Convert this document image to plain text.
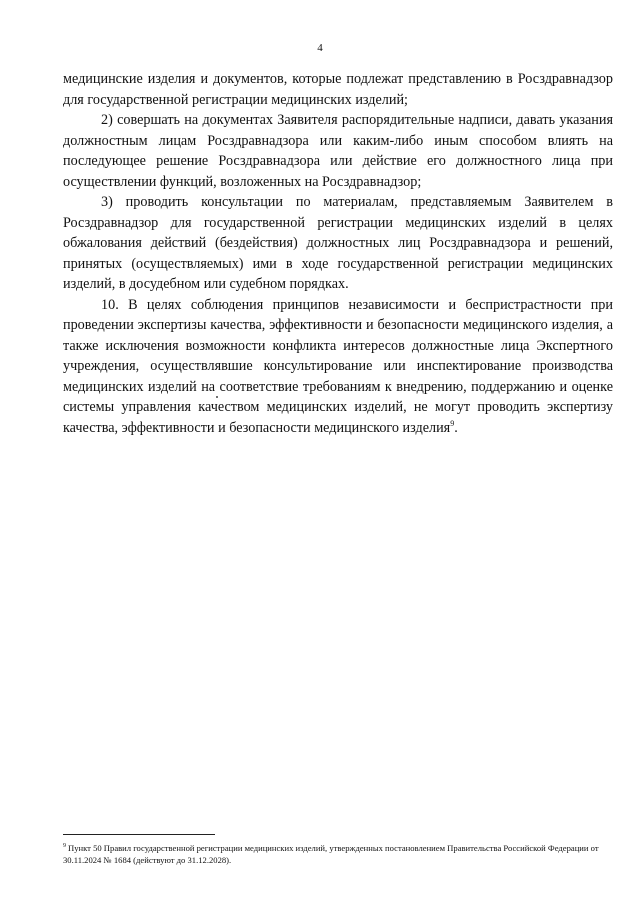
4

медицинские изделия и документов, которые подлежат представлению в Росздравнадзор для государственной регистрации медицинских изделий;

2) совершать на документах Заявителя распорядительные надписи, давать указания должностным лицам Росздравнадзора или каким-либо иным способом влиять на последующее решение Росздравнадзора или действие его должностного лица при осуществлении функций, возложенных на Росздравнадзор;

3) проводить консультации по материалам, представляемым Заявителем в Росздравнадзор для государственной регистрации медицинских изделий в целях обжалования действий (бездействия) должностных лиц Росздравнадзора и решений, принятых (осуществляемых) ими в ходе государственной регистрации медицинских изделий, в досудебном или судебном порядках.

10. В целях соблюдения принципов независимости и беспристрастности при проведении экспертизы качества, эффективности и безопасности медицинского изделия, а также исключения возможности конфликта интересов должностные лица Экспертного учреждения, осуществлявшие консультирование или инспектирование производства медицинских изделий на соответствие требованиям к внедрению, поддержанию и оценке системы управления качеством медицинских изделий, не могут проводить экспертизу качества, эффективности и безопасности медицинского изделия$^9$.

$^9$ Пункт 50 Правил государственной регистрации медицинских изделий, утвержденных постановлением Правительства Российской Федерации от 30.11.2024 № 1684 (действуют до 31.12.2028).
